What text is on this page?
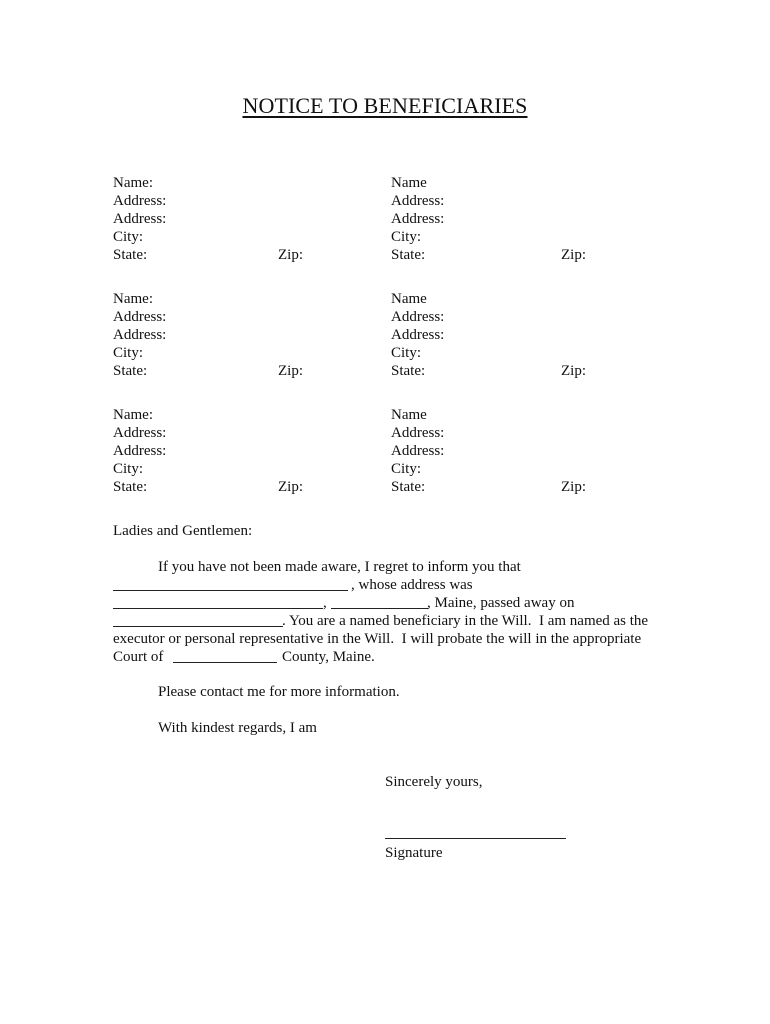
NOTICE TO BENEFICIARIES
Name:
Address:
Address:
City:
State:	Zip:
Name
Address:
Address:
City:
State:	Zip:
Name:
Address:
Address:
City:
State:	Zip:
Name
Address:
Address:
City:
State:	Zip:
Name:
Address:
Address:
City:
State:	Zip:
Name
Address:
Address:
City:
State:	Zip:
Ladies and Gentlemen:
If you have not been made aware, I regret to inform you that
, whose address was
,	, Maine, passed away on
. You are a named beneficiary in the Will.  I am named as the
executor or personal representative in the Will.  I will probate the will in the appropriate
Court of	County, Maine.
Please contact me for more information.
With kindest regards, I am
Sincerely yours,
Signature
